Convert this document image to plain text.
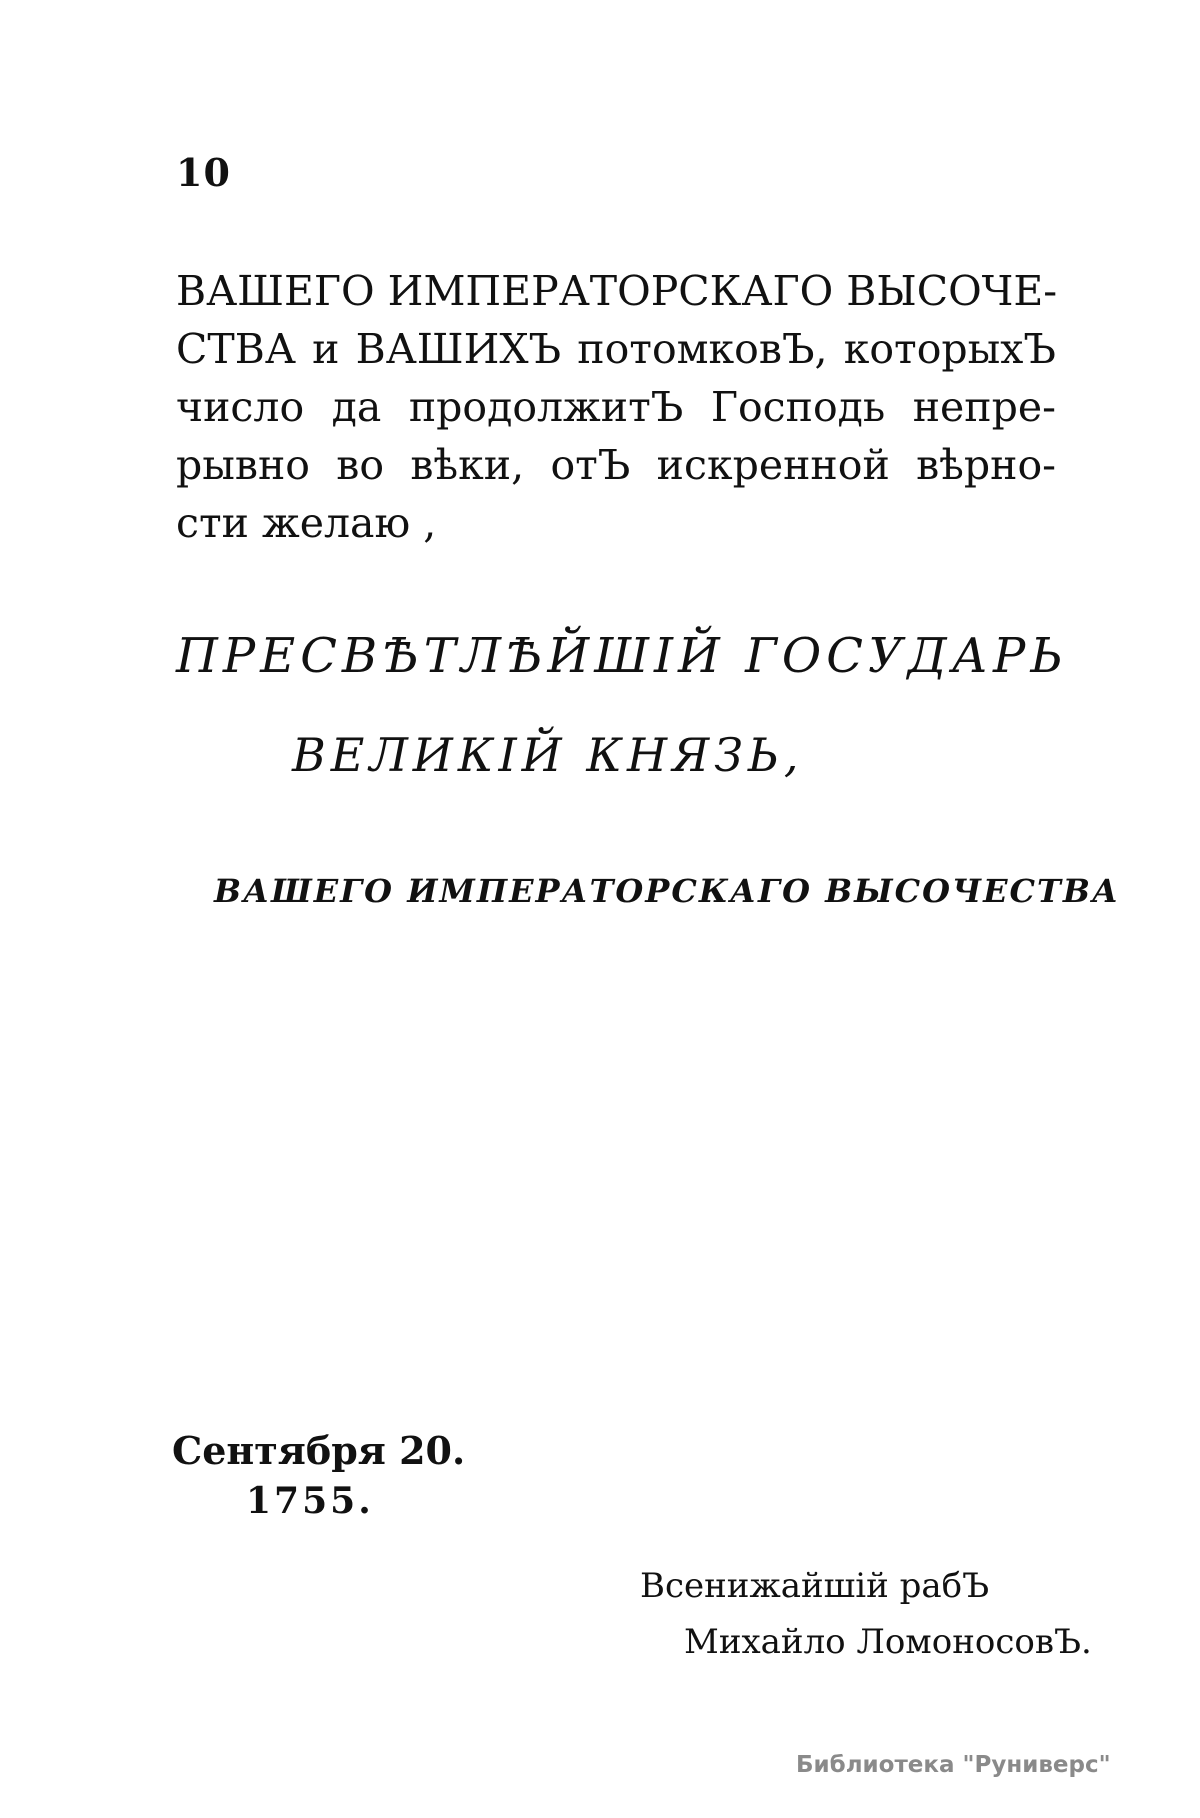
10
ВАШЕГО ИМПЕРАТОРСКАГО ВЫСОЧЕ-
СТВА и ВАШИХЪ потомковЪ, которыхЪ
число да продолжитЪ Господь непре-
рывно во вѣки, отЪ искренной вѣрно-
сти желаю ,
ПРЕСВѢТЛѢЙШІЙ ГОСУДАРЬ
ВЕЛИКІЙ КНЯЗЬ,
ВАШЕГО ИМПЕРАТОРСКАГО ВЫСОЧЕСТВА
Сентября 20.
1755.
Всенижайшій рабЪ
Михайло ЛомоносовЪ.
Библиотека "Руниверс"
